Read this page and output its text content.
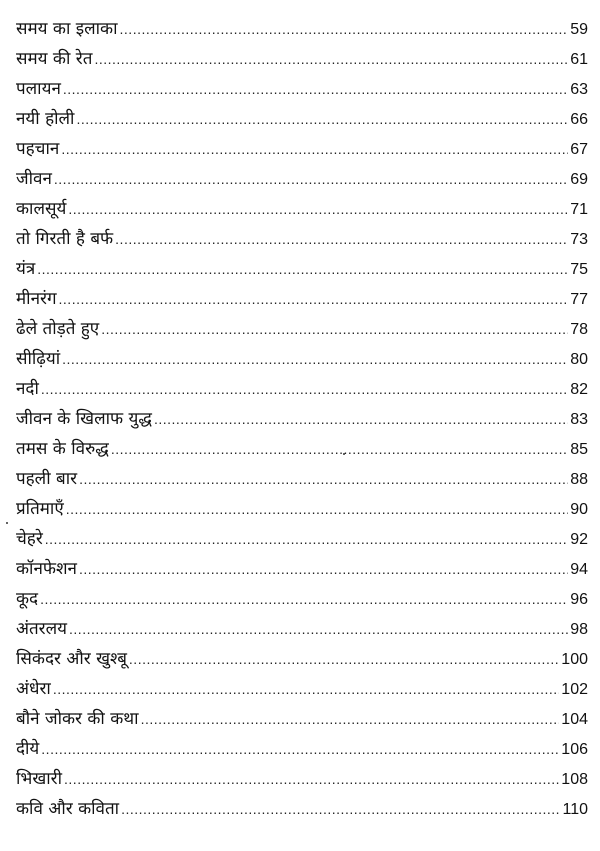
समय का इलाका .....	59
समय की रेत .....	61
पलायन .....	63
नयी होली .....	66
पहचान .....	67
जीवन .....	69
कालसूर्य .....	71
तो गिरती है बर्फ .....	73
यंत्र .....	75
मीनरंग .....	77
ढेले तोड़ते हुए .....	78
सीढ़ियां .....	80
नदी .....	82
जीवन के खिलाफ युद्ध .....	83
तमस के विरुद्ध .....	85
पहली बार .....	88
प्रतिमाएँ .....	90
चेहरे .....	92
कॉनफेशन .....	94
कूद .....	96
अंतरलय .....	98
सिकंदर और खुश्बू .....	100
अंधेरा .....	102
बौने जोकर की कथा .....	104
दीये .....	106
भिखारी .....	108
कवि और कविता .....	110
